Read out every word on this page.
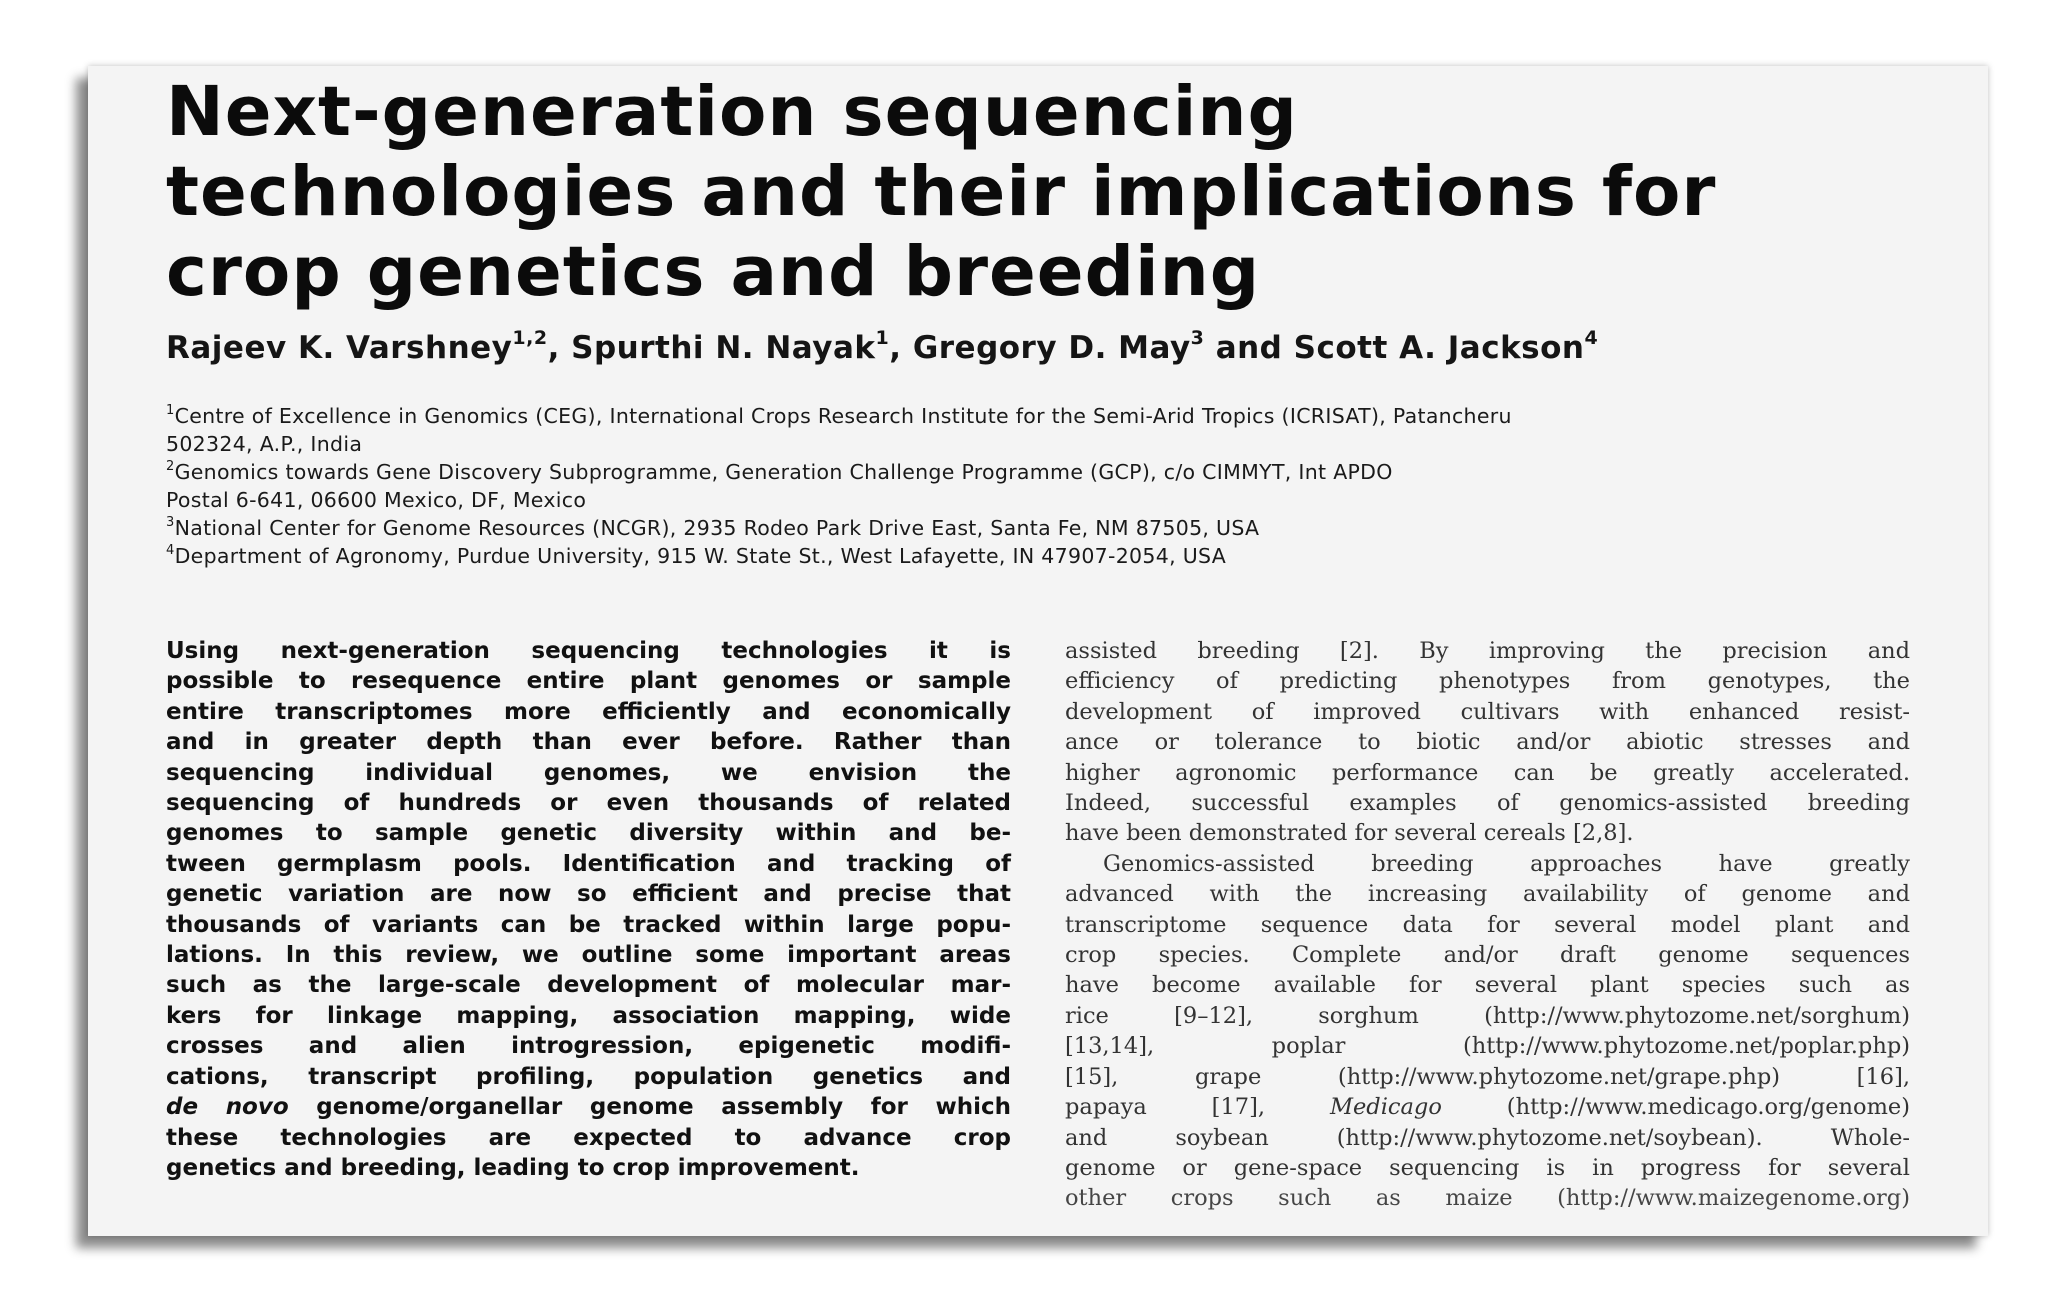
Next-generation sequencing
technologies and their implications for
crop genetics and breeding
Rajeev K. Varshney$^{1,2}$, Spurthi N. Nayak$^1$, Gregory D. May$^3$ and Scott A. Jackson$^4$
$^1$Centre of Excellence in Genomics (CEG), International Crops Research Institute for the Semi-Arid Tropics (ICRISAT), Patancheru
502324, A.P., India
$^2$Genomics towards Gene Discovery Subprogramme, Generation Challenge Programme (GCP), c/o CIMMYT, Int APDO
Postal 6-641, 06600 Mexico, DF, Mexico
$^3$National Center for Genome Resources (NCGR), 2935 Rodeo Park Drive East, Santa Fe, NM 87505, USA
$^4$Department of Agronomy, Purdue University, 915 W. State St., West Lafayette, IN 47907-2054, USA
Using next-generation sequencing technologies it is
possible to resequence entire plant genomes or sample
entire transcriptomes more efficiently and economically
and in greater depth than ever before. Rather than
sequencing individual genomes, we envision the
sequencing of hundreds or even thousands of related
genomes to sample genetic diversity within and be-
tween germplasm pools. Identification and tracking of
genetic variation are now so efficient and precise that
thousands of variants can be tracked within large popu-
lations. In this review, we outline some important areas
such as the large-scale development of molecular mar-
kers for linkage mapping, association mapping, wide
crosses and alien introgression, epigenetic modifi-
cations, transcript profiling, population genetics and
de novo genome/organellar genome assembly for which
these technologies are expected to advance crop
genetics and breeding, leading to crop improvement.
assisted breeding [2]. By improving the precision and
efficiency of predicting phenotypes from genotypes, the
development of improved cultivars with enhanced resist-
ance or tolerance to biotic and/or abiotic stresses and
higher agronomic performance can be greatly accelerated.
Indeed, successful examples of genomics-assisted breeding
have been demonstrated for several cereals [2,8].
Genomics-assisted breeding approaches have greatly
advanced with the increasing availability of genome and
transcriptome sequence data for several model plant and
crop species. Complete and/or draft genome sequences
have become available for several plant species such as
rice [9–12], sorghum (http://www.phytozome.net/sorghum)
[13,14], poplar (http://www.phytozome.net/poplar.php)
[15], grape (http://www.phytozome.net/grape.php) [16],
papaya [17], Medicago (http://www.medicago.org/genome)
and soybean (http://www.phytozome.net/soybean). Whole-
genome or gene-space sequencing is in progress for several
other crops such as maize (http://www.maizegenome.org)
